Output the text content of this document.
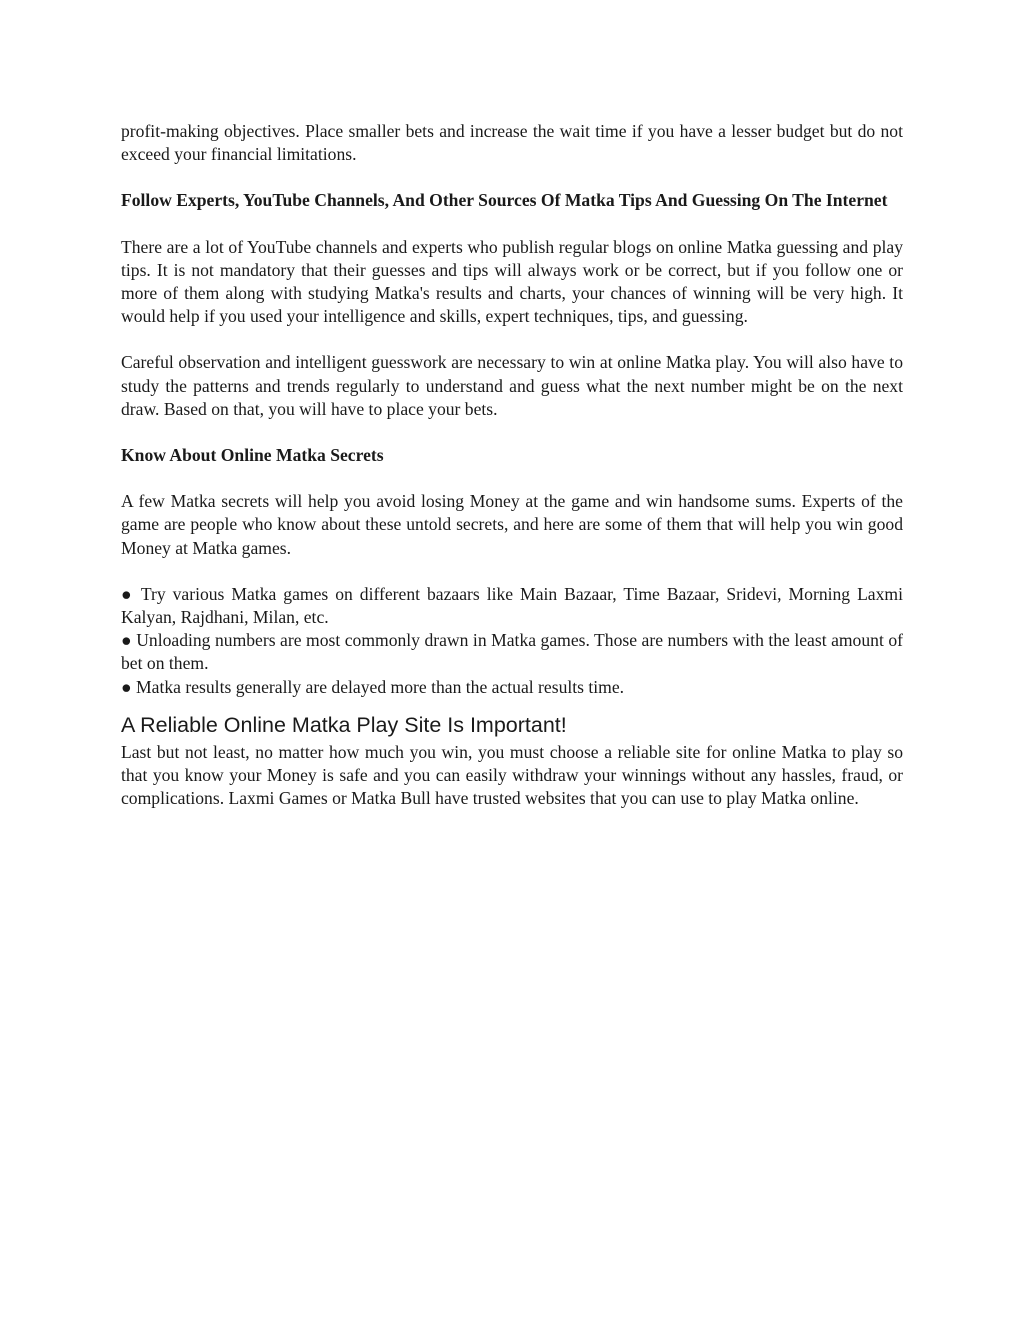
profit-making objectives. Place smaller bets and increase the wait time if you have a lesser budget but do not exceed your financial limitations.

Follow Experts, YouTube Channels, And Other Sources Of Matka Tips And Guessing On The Internet

There are a lot of YouTube channels and experts who publish regular blogs on online Matka guessing and play tips. It is not mandatory that their guesses and tips will always work or be correct, but if you follow one or more of them along with studying Matka's results and charts, your chances of winning will be very high. It would help if you used your intelligence and skills, expert techniques, tips, and guessing.

Careful observation and intelligent guesswork are necessary to win at online Matka play. You will also have to study the patterns and trends regularly to understand and guess what the next number might be on the next draw. Based on that, you will have to place your bets.

Know About Online Matka Secrets

A few Matka secrets will help you avoid losing Money at the game and win handsome sums. Experts of the game are people who know about these untold secrets, and here are some of them that will help you win good Money at Matka games.

● Try various Matka games on different bazaars like Main Bazaar, Time Bazaar, Sridevi, Morning Laxmi Kalyan, Rajdhani, Milan, etc.
● Unloading numbers are most commonly drawn in Matka games. Those are numbers with the least amount of bet on them.
● Matka results generally are delayed more than the actual results time.
A Reliable Online Matka Play Site Is Important!

Last but not least, no matter how much you win, you must choose a reliable site for online Matka to play so that you know your Money is safe and you can easily withdraw your winnings without any hassles, fraud, or complications. Laxmi Games or Matka Bull have trusted websites that you can use to play Matka online.
